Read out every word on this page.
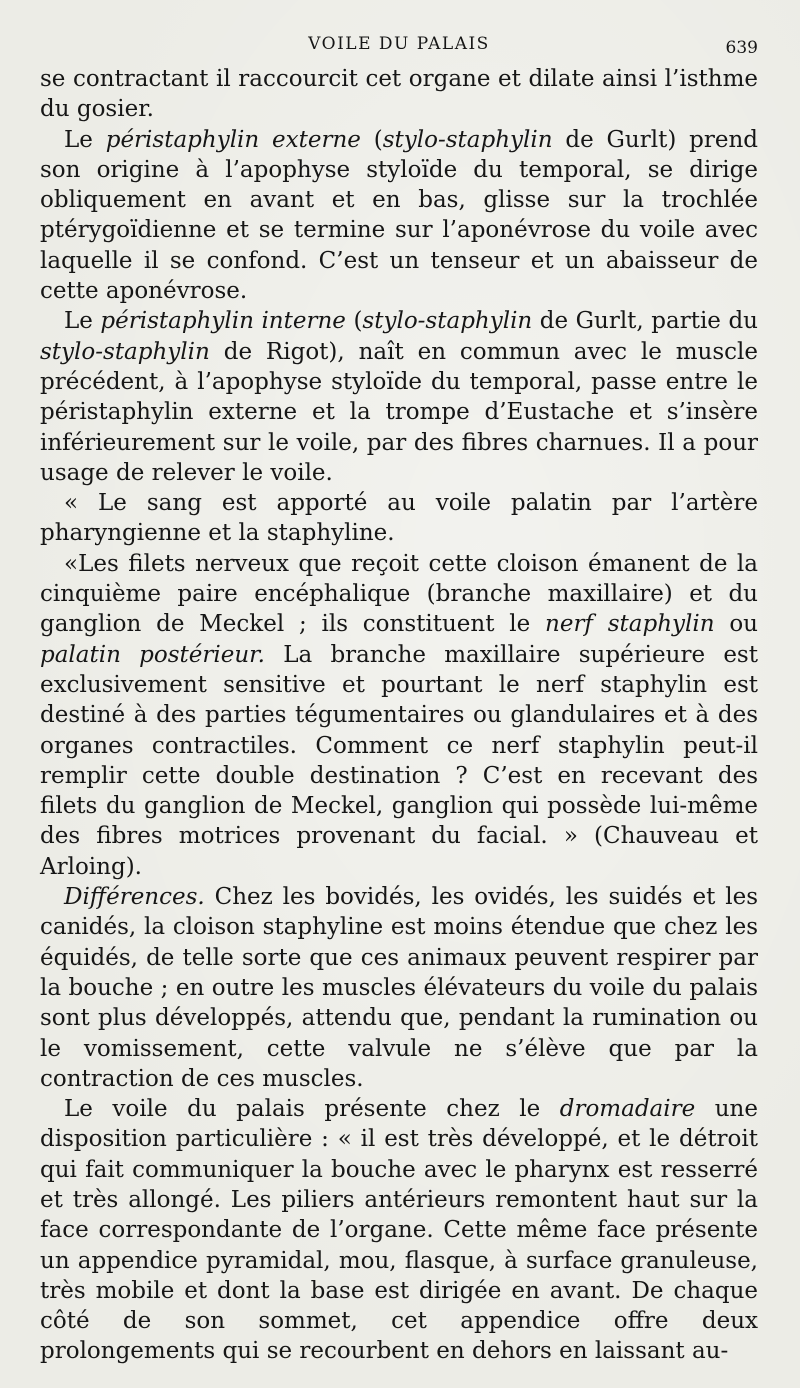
VOILE DU PALAIS	639

se contractant il raccourcit cet organe et dilate ainsi l’isthme du gosier.

Le péristaphylin externe (stylo-staphylin de Gurlt) prend son origine à l’apophyse styloïde du temporal, se dirige obliquement en avant et en bas, glisse sur la trochlée ptérygoïdienne et se termine sur l’aponévrose du voile avec laquelle il se confond. C’est un tenseur et un abaisseur de cette aponévrose.

Le péristaphylin interne (stylo-staphylin de Gurlt, partie du stylo-staphylin de Rigot), naît en commun avec le muscle précédent, à l’apophyse styloïde du temporal, passe entre le péristaphylin externe et la trompe d’Eustache et s’insère inférieurement sur le voile, par des fibres charnues. Il a pour usage de relever le voile.

« Le sang est apporté au voile palatin par l’artère pharyngienne et la staphyline.

«Les filets nerveux que reçoit cette cloison émanent de la cinquième paire encéphalique (branche maxillaire) et du ganglion de Meckel ; ils constituent le nerf staphylin ou palatin postérieur. La branche maxillaire supérieure est exclusivement sensitive et pourtant le nerf staphylin est destiné à des parties tégumentaires ou glandulaires et à des organes contractiles. Comment ce nerf staphylin peut-il remplir cette double destination ? C’est en recevant des filets du ganglion de Meckel, ganglion qui possède lui-même des fibres motrices provenant du facial. » (Chauveau et Arloing).

Différences. Chez les bovidés, les ovidés, les suidés et les canidés, la cloison staphyline est moins étendue que chez les équidés, de telle sorte que ces animaux peuvent respirer par la bouche ; en outre les muscles élévateurs du voile du palais sont plus développés, attendu que, pendant la rumination ou le vomissement, cette valvule ne s’élève que par la contraction de ces muscles.

Le voile du palais présente chez le dromadaire une disposition particulière : « il est très développé, et le détroit qui fait communiquer la bouche avec le pharynx est resserré et très allongé. Les piliers antérieurs remontent haut sur la face correspondante de l’organe. Cette même face présente un appendice pyramidal, mou, flasque, à surface granuleuse, très mobile et dont la base est dirigée en avant. De chaque côté de son sommet, cet appendice offre deux prolongements qui se recourbent en dehors en laissant au-
